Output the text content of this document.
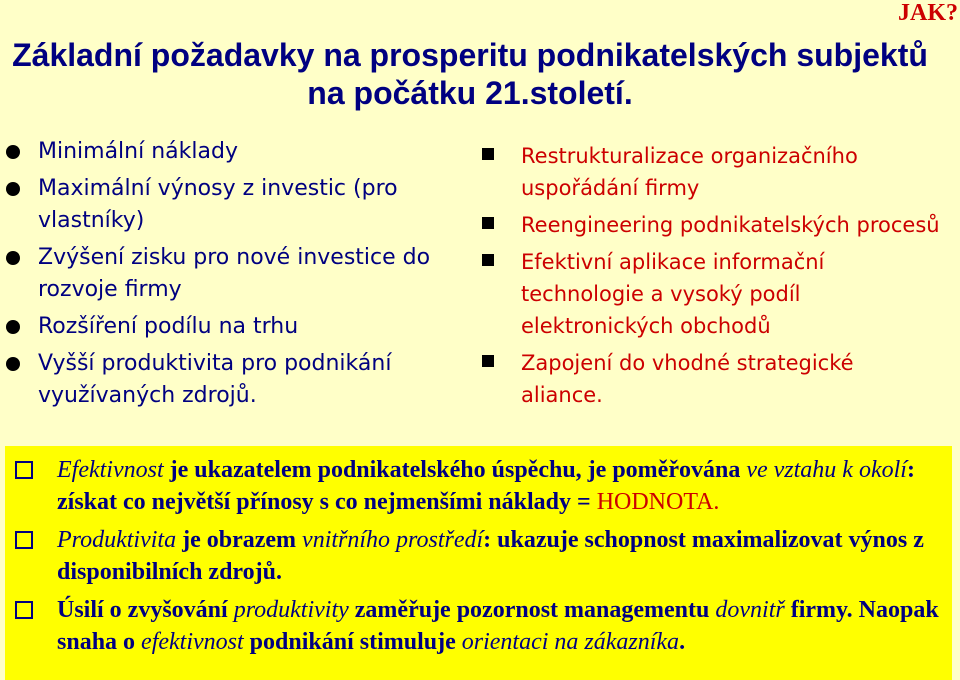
JAK?
Základní požadavky na prosperitu podnikatelských subjektů
na počátku 21.století.
Minimální náklady
Maximální výnosy z investic (pro vlastníky)
Zvýšení zisku pro nové investice do rozvoje firmy
Rozšíření podílu na trhu
Vyšší produktivita pro podnikání využívaných zdrojů.
Restrukturalizace organizačního uspořádání firmy
Reengineering podnikatelských procesů
Efektivní aplikace informační technologie a vysoký podíl elektronických obchodů
Zapojení do vhodné strategické aliance.
Efektivnost je ukazatelem podnikatelského úspěchu, je poměřována ve vztahu k okolí: získat co největší přínosy s co nejmenšími náklady = HODNOTA.
Produktivita je obrazem vnitřního prostředí: ukazuje schopnost maximalizovat výnos z disponibilních zdrojů.
Úsilí o zvyšování produktivity zaměřuje pozornost managementu dovnitř firmy. Naopak snaha o efektivnost podnikání stimuluje orientaci na zákazníka.
